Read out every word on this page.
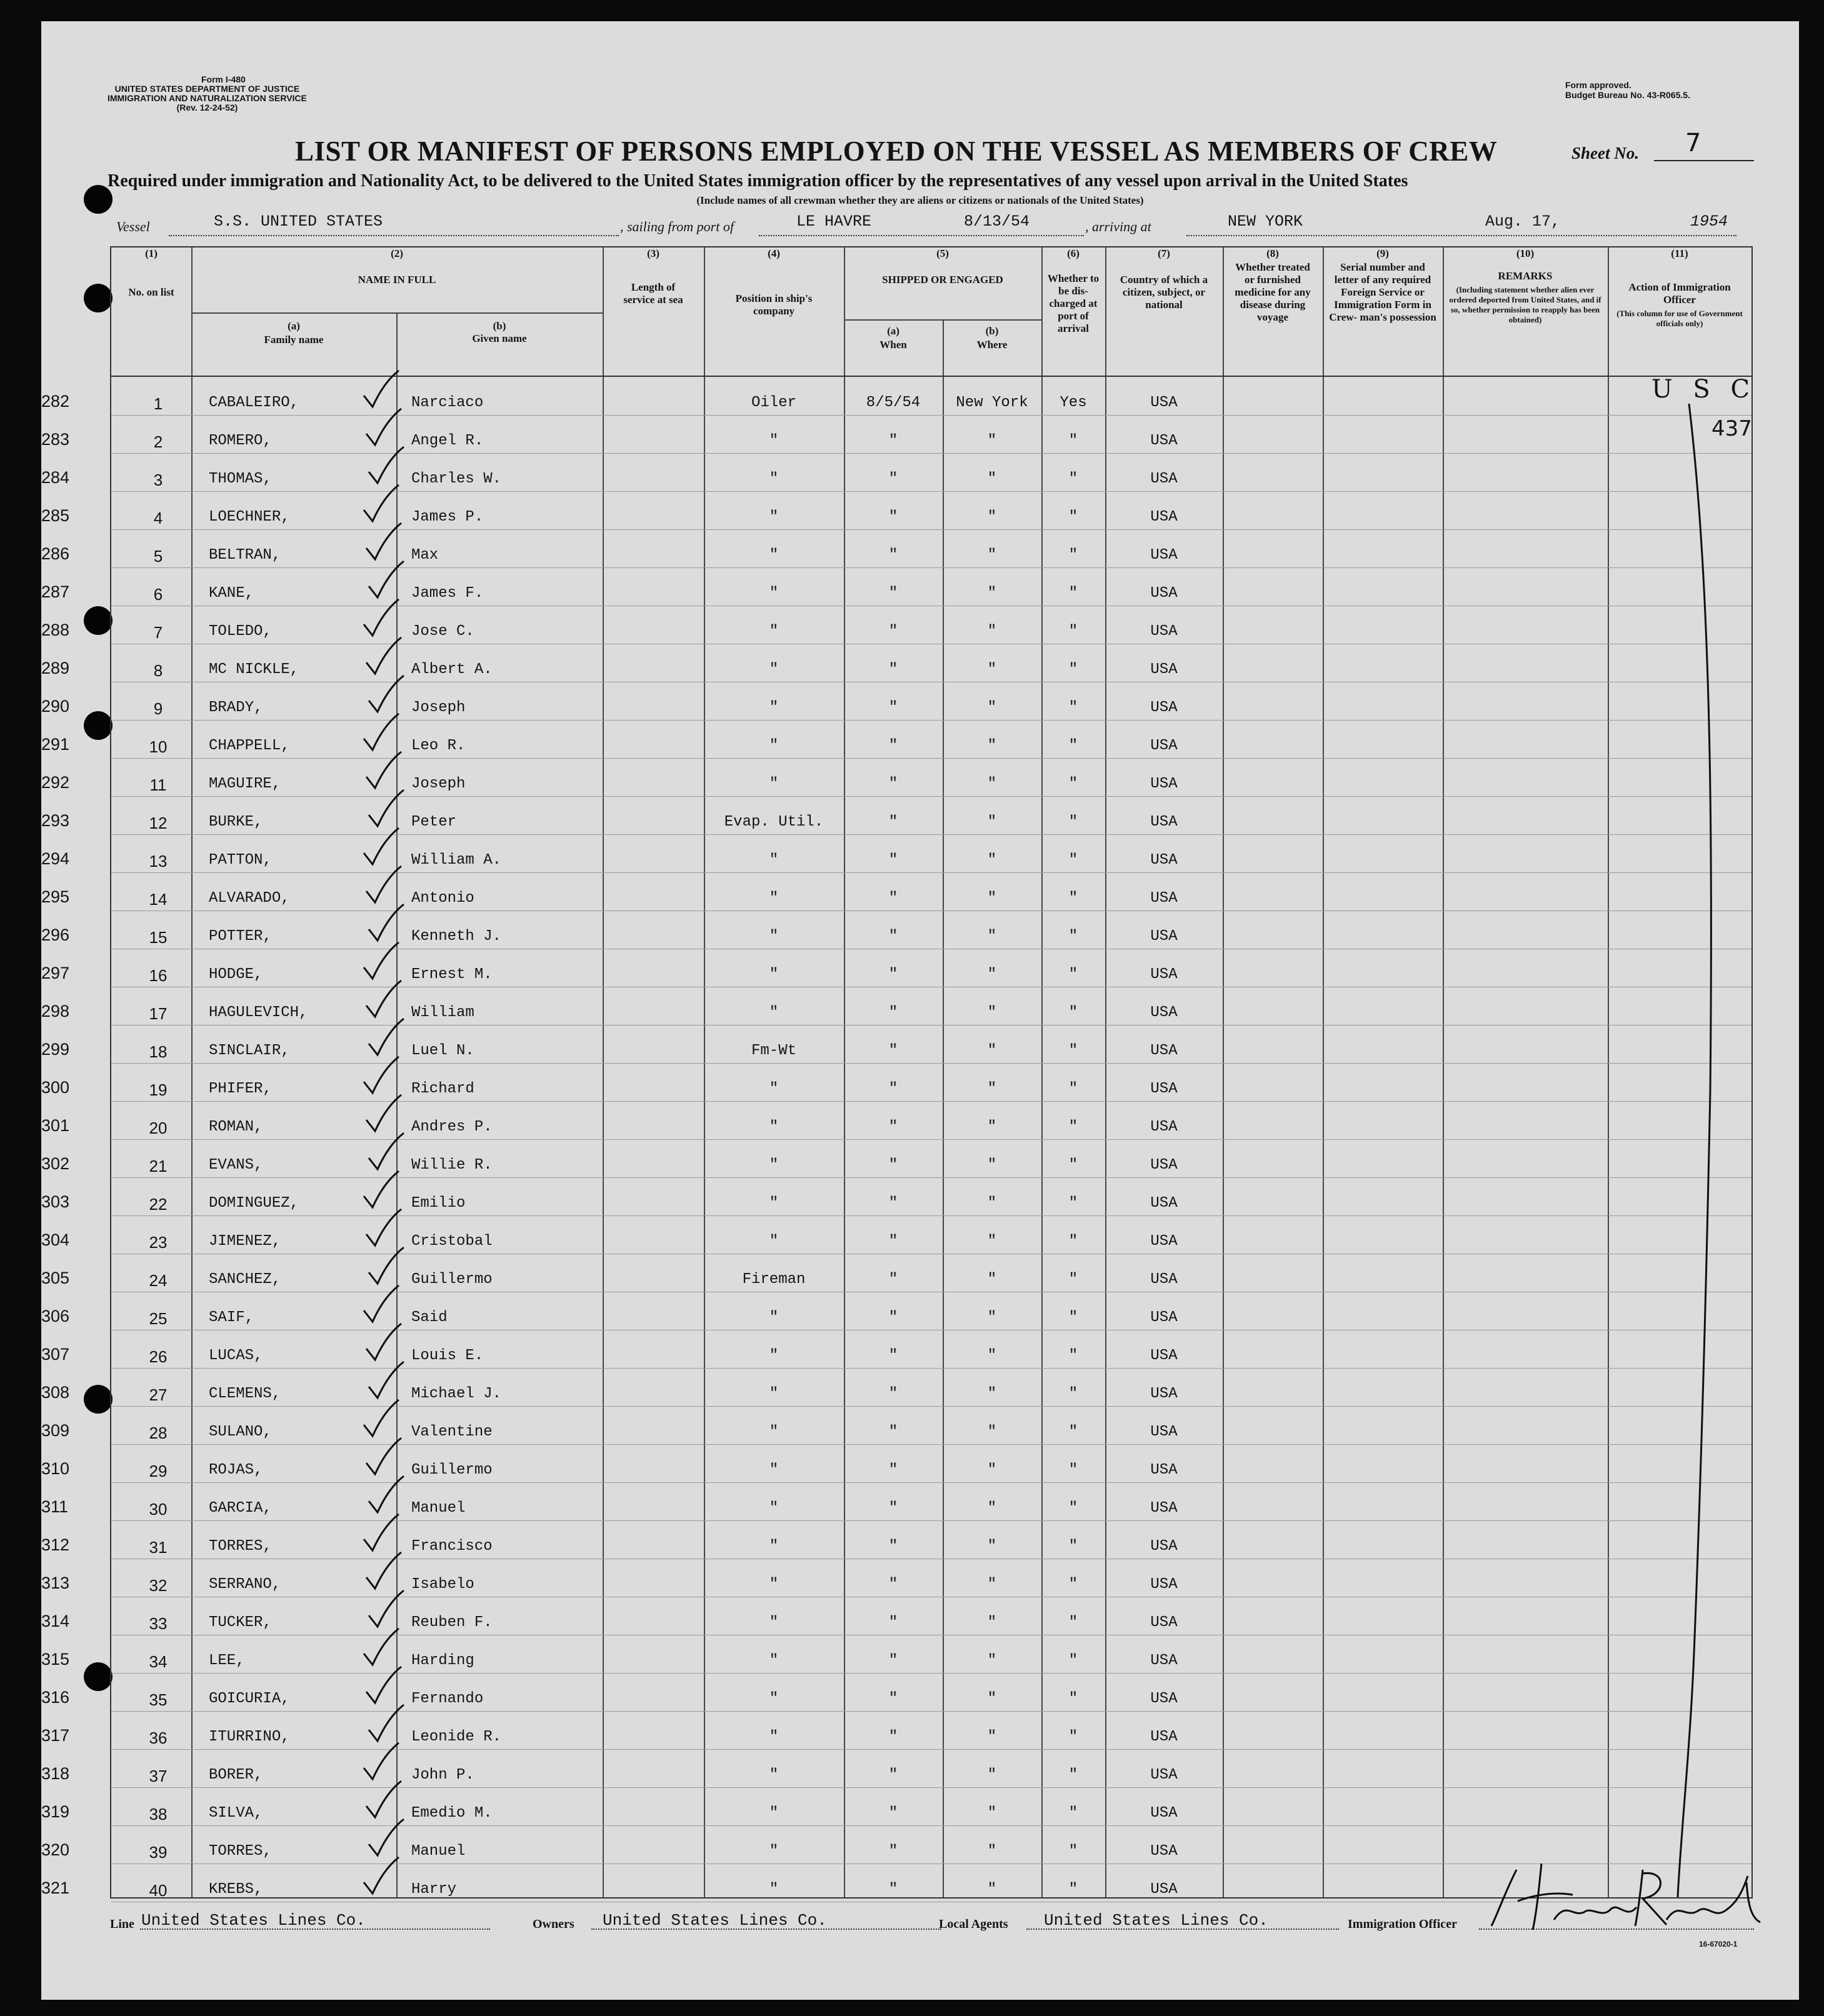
Form I-480
UNITED STATES DEPARTMENT OF JUSTICE
IMMIGRATION AND NATURALIZATION SERVICE
(Rev. 12-24-52)
Form approved.
Budget Bureau No. 43-R065.5.
LIST OR MANIFEST OF PERSONS EMPLOYED ON THE VESSEL AS MEMBERS OF CREW	Sheet No. 7
Required under immigration and Nationality Act, to be delivered to the United States immigration officer by the representatives of any vessel upon arrival in the United States
(Include names of all crewman whether they are aliens or citizens or nationals of the United States)
Vessel	S.S. UNITED STATES	, sailing from port of	LE HAVRE	8/13/54	, arriving at	NEW YORK	Aug. 17,	1954
(1)
No. on list
(2)
NAME IN FULL
(a)
Family name
(b)
Given name
(3)
Length of service at sea
(4)
Position in ship's company
(5)
SHIPPED OR ENGAGED
(a)
When
(b)
Where
(6)
Whether to be dis- charged at port of arrival
(7)
Country of which a citizen, subject, or national
(8)
Whether treated or furnished medicine for any disease during voyage
(9)
Serial number and letter of any required Foreign Service or Immigration Form in Crew- man's possession
(10)
REMARKS
(Including statement whether alien ever ordered deported from United States, and if so, whether permission to reapply has been obtained)
(11)
Action of Immigration Officer
(This column for use of Government officials only)
282	1	CABALEIRO,	Narciaco	Oiler	8/5/54	New York	Yes	USA
283	2	ROMERO,	Angel R.	"	"	"	"	USA
284	3	THOMAS,	Charles W.	"	"	"	"	USA
285	4	LOECHNER,	James P.	"	"	"	"	USA
286	5	BELTRAN,	Max	"	"	"	"	USA
287	6	KANE,	James F.	"	"	"	"	USA
288	7	TOLEDO,	Jose C.	"	"	"	"	USA
289	8	MC NICKLE,	Albert A.	"	"	"	"	USA
290	9	BRADY,	Joseph	"	"	"	"	USA
291	10	CHAPPELL,	Leo R.	"	"	"	"	USA
292	11	MAGUIRE,	Joseph	"	"	"	"	USA
293	12	BURKE,	Peter	Evap. Util.	"	"	"	USA
294	13	PATTON,	William A.	"	"	"	"	USA
295	14	ALVARADO,	Antonio	"	"	"	"	USA
296	15	POTTER,	Kenneth J.	"	"	"	"	USA
297	16	HODGE,	Ernest M.	"	"	"	"	USA
298	17	HAGULEVICH,	William	"	"	"	"	USA
299	18	SINCLAIR,	Luel N.	Fm-Wt	"	"	"	USA
300	19	PHIFER,	Richard	"	"	"	"	USA
301	20	ROMAN,	Andres P.	"	"	"	"	USA
302	21	EVANS,	Willie R.	"	"	"	"	USA
303	22	DOMINGUEZ,	Emilio	"	"	"	"	USA
304	23	JIMENEZ,	Cristobal	"	"	"	"	USA
305	24	SANCHEZ,	Guillermo	Fireman	"	"	"	USA
306	25	SAIF,	Said	"	"	"	"	USA
307	26	LUCAS,	Louis E.	"	"	"	"	USA
308	27	CLEMENS,	Michael J.	"	"	"	"	USA
309	28	SULANO,	Valentine	"	"	"	"	USA
310	29	ROJAS,	Guillermo	"	"	"	"	USA
311	30	GARCIA,	Manuel	"	"	"	"	USA
312	31	TORRES,	Francisco	"	"	"	"	USA
313	32	SERRANO,	Isabelo	"	"	"	"	USA
314	33	TUCKER,	Reuben F.	"	"	"	"	USA
315	34	LEE,	Harding	"	"	"	"	USA
316	35	GOICURIA,	Fernando	"	"	"	"	USA
317	36	ITURRINO,	Leonide R.	"	"	"	"	USA
318	37	BORER,	John P.	"	"	"	"	USA
319	38	SILVA,	Emedio M.	"	"	"	"	USA
320	39	TORRES,	Manuel	"	"	"	"	USA
321	40	KREBS,	Harry	"	"	"	"	USA
U S C
437
Line United States Lines Co.	Owners United States Lines Co.	Local Agents United States Lines Co.	Immigration Officer
16-67020-1
